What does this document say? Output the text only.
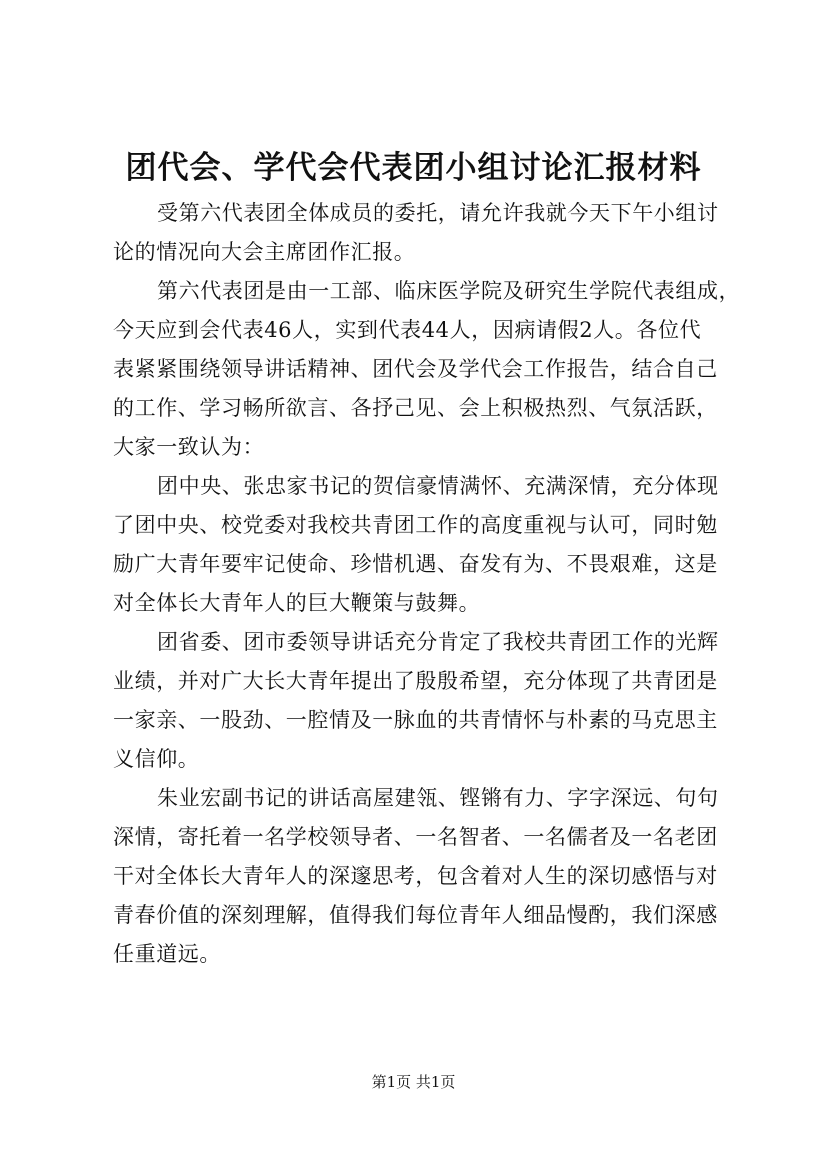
团代会、学代会代表团小组讨论汇报材料
受第六代表团全体成员的委托，请允许我就今天下午小组讨
论的情况向大会主席团作汇报。
第六代表团是由一工部、临床医学院及研究生学院代表组成，
今天应到会代表46人，实到代表44人，因病请假2人。各位代
表紧紧围绕领导讲话精神、团代会及学代会工作报告，结合自己
的工作、学习畅所欲言、各抒己见、会上积极热烈、气氛活跃，
大家一致认为：
团中央、张忠家书记的贺信豪情满怀、充满深情，充分体现
了团中央、校党委对我校共青团工作的高度重视与认可，同时勉
励广大青年要牢记使命、珍惜机遇、奋发有为、不畏艰难，这是
对全体长大青年人的巨大鞭策与鼓舞。
团省委、团市委领导讲话充分肯定了我校共青团工作的光辉
业绩，并对广大长大青年提出了殷殷希望，充分体现了共青团是
一家亲、一股劲、一腔情及一脉血的共青情怀与朴素的马克思主
义信仰。
朱业宏副书记的讲话高屋建瓴、铿锵有力、字字深远、句句
深情，寄托着一名学校领导者、一名智者、一名儒者及一名老团
干对全体长大青年人的深邃思考，包含着对人生的深切感悟与对
青春价值的深刻理解，值得我们每位青年人细品慢酌，我们深感
任重道远。
第1页 共1页
